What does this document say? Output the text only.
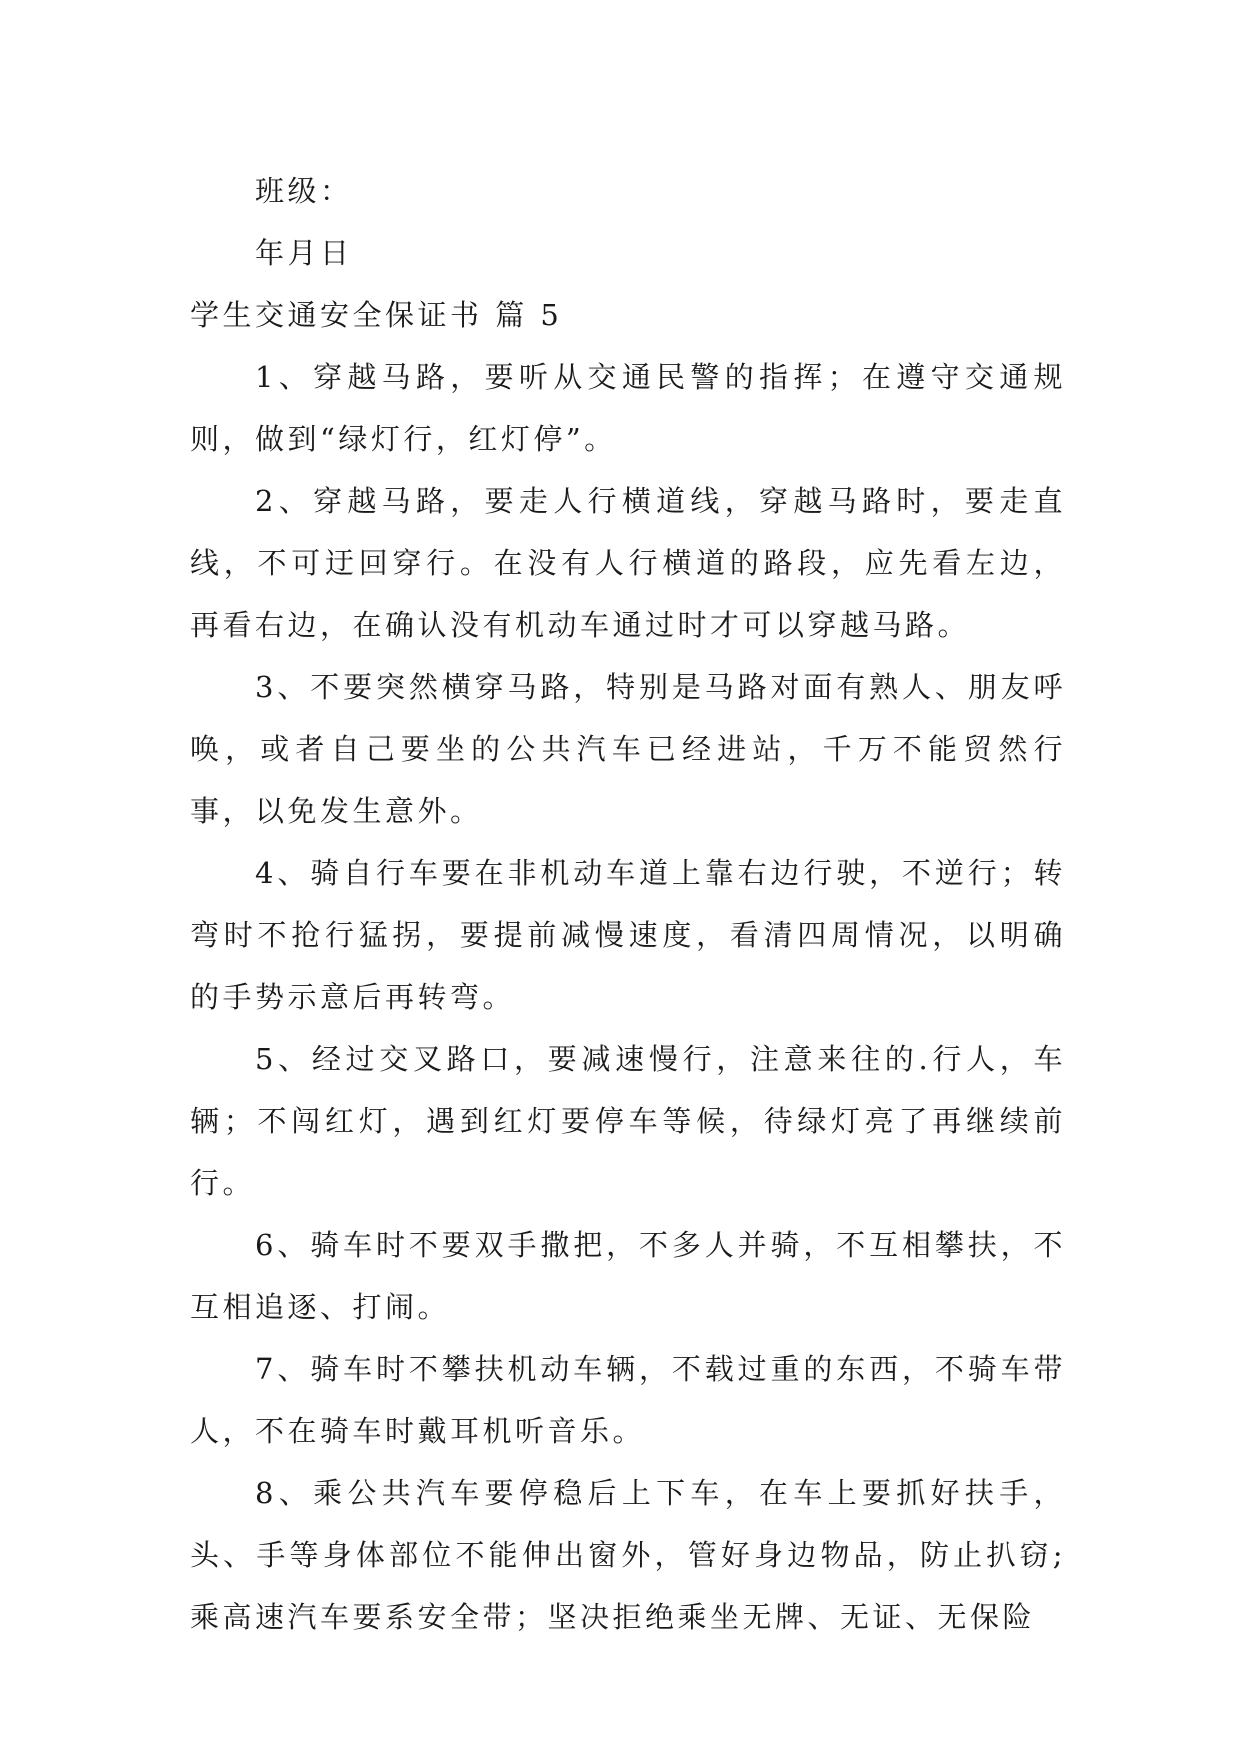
班级：
年月日
学生交通安全保证书 篇 5

1、穿越马路，要听从交通民警的指挥；在遵守交通规则，做到“绿灯行，红灯停”。

2、穿越马路，要走人行横道线，穿越马路时，要走直线，不可迂回穿行。在没有人行横道的路段，应先看左边，再看右边，在确认没有机动车通过时才可以穿越马路。

3、不要突然横穿马路，特别是马路对面有熟人、朋友呼唤，或者自己要坐的公共汽车已经进站，千万不能贸然行事，以免发生意外。

4、骑自行车要在非机动车道上靠右边行驶，不逆行；转弯时不抢行猛拐，要提前减慢速度，看清四周情况，以明确的手势示意后再转弯。

5、经过交叉路口，要减速慢行，注意来往的.行人，车辆；不闯红灯，遇到红灯要停车等候，待绿灯亮了再继续前行。

6、骑车时不要双手撒把，不多人并骑，不互相攀扶，不互相追逐、打闹。

7、骑车时不攀扶机动车辆，不载过重的东西，不骑车带人，不在骑车时戴耳机听音乐。

8、乘公共汽车要停稳后上下车，在车上要抓好扶手，头、手等身体部位不能伸出窗外，管好身边物品，防止扒窃;乘高速汽车要系安全带；坚决拒绝乘坐无牌、无证、无保险
